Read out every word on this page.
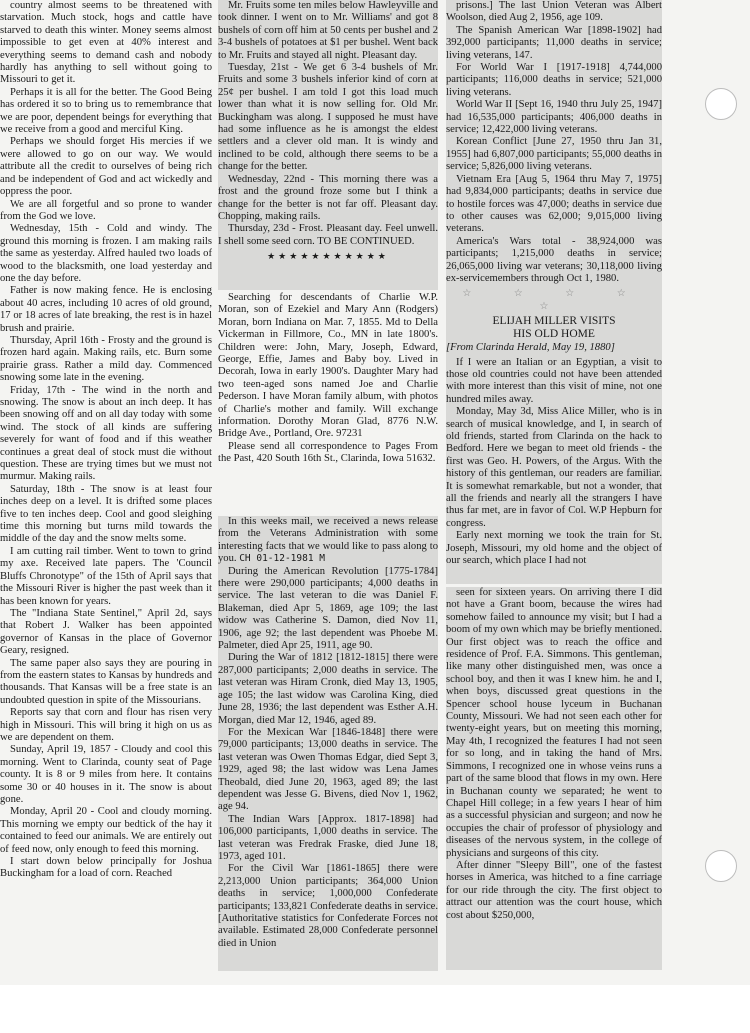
country almost seems to be threatened with starvation. Much stock, hogs and cattle have starved to death this winter. Money seems almost impossible to get even at 40% interest and everything seems to demand cash and nobody hardly has anything to sell without going to Missouri to get it.

Perhaps it is all for the better. The Good Being has ordered it so to bring us to remembrance that we are poor, dependent beings for everything that we receive from a good and merciful King.

Perhaps we should forget His mercies if we were allowed to go on our way. We would attribute all the credit to ourselves of being rich and be independent of God and act wickedly and oppress the poor.

We are all forgetful and so prone to wander from the God we love.

Wednesday, 15th - Cold and windy. The ground this morning is frozen. I am making rails the same as yesterday. Alfred hauled two loads of wood to the blacksmith, one load yesterday and one the day before.

Father is now making fence. He is enclosing about 40 acres, including 10 acres of old ground, 17 or 18 acres of late breaking, the rest is in hazel brush and prairie.

Thursday, April 16th - Frosty and the ground is frozen hard again. Making rails, etc. Burn some prairie grass. Rather a mild day. Commenced snowing some late in the evening.

Friday, 17th - The wind in the north and snowing. The snow is about an inch deep. It has been snowing off and on all day today with some wind. The stock of all kinds are suffering severely for want of food and if this weather continues a great deal of stock must die without question. These are trying times but we must not murmur. Making rails.

Saturday, 18th - The snow is at least four inches deep on a level. It is drifted some places five to ten inches deep. Cool and good sleighing time this morning but turns mild towards the middle of the day and the snow melts some.

I am cutting rail timber. Went to town to grind my axe. Received late papers. The 'Council Bluffs Chronotype" of the 15th of April says that the Missouri River is higher the past week than it has been known for years.

The "Indiana State Sentinel," April 2d, says that Robert J. Walker has been appointed governor of Kansas in the place of Governor Geary, resigned.

The same paper also says they are pouring in from the eastern states to Kansas by hundreds and thousands. That Kansas will be a free state is an undoubted question in spite of the Missourians.

Reports say that corn and flour has risen very high in Missouri. This will bring it high on us as we are dependent on them.

Sunday, April 19, 1857 - Cloudy and cool this morning. Went to Clarinda, county seat of Page county. It is 8 or 9 miles from here. It contains some 30 or 40 houses in it. The snow is about gone.

Monday, April 20 - Cool and cloudy morning. This morning we empty our bedtick of the hay it contained to feed our animals. We are entirely out of feed now, only enough to feed this morning.

I start down below principally for Joshua Buckingham for a load of corn. Reached

Mr. Fruits some ten miles below Hawleyville and took dinner. I went on to Mr. Williams' and got 8 bushels of corn off him at 50 cents per bushel and 2 3-4 bushels of potatoes at $1 per bushel. Went back to Mr. Fruits and stayed all night. Pleasant day.

Tuesday, 21st - We get 6 3-4 bushels of Mr. Fruits and some 3 bushels inferior kind of corn at 25¢ per bushel. I am told I got this load much lower than what it is now selling for. Old Mr. Buckingham was along. I supposed he must have had some influence as he is amongst the eldest settlers and a clever old man. It is windy and inclined to be cold, although there seems to be a change for the better.

Wednesday, 22nd - This morning there was a frost and the ground froze some but I think a change for the better is not far off. Pleasant day. Chopping, making rails.

Thursday, 23d - Frost. Pleasant day. Feel unwell. I shell some seed corn. TO BE CONTINUED.

★★★★★★★★★★★

Searching for descendants of Charlie W.P. Moran, son of Ezekiel and Mary Ann (Rodgers) Moran, born Indiana on Mar. 7, 1855. Md to Della Vickerman in Fillmore, Co., MN in late 1800's. Children were: John, Mary, Joseph, Edward, George, Effie, James and Baby boy. Lived in Decorah, Iowa in early 1900's. Daughter Mary had two teen-aged sons named Joe and Charlie Pederson. I have Moran family album, with photos of Charlie's mother and family. Will exchange information. Dorothy Moran Glad, 8776 N.W. Bridge Ave., Portland, Ore. 97231

Please send all correspondence to Pages From the Past, 420 South 16th St., Clarinda, Iowa 51632.

In this weeks mail, we received a news release from the Veterans Administration with some interesting facts that we would like to pass along to you. CH 01-12-1981 M

During the American Revolution [1775-1784] there were 290,000 participants; 4,000 deaths in service. The last veteran to die was Daniel F. Blakeman, died Apr 5, 1869, age 109; the last widow was Catherine S. Damon, died Nov 11, 1906, age 92; the last dependent was Phoebe M. Palmeter, died Apr 25, 1911, age 90.

During the War of 1812 [1812-1815] there were 287,000 participants; 2,000 deaths in service. The last veteran was Hiram Cronk, died May 13, 1905, age 105; the last widow was Carolina King, died June 28, 1936; the last dependent was Esther A.H. Morgan, died Mar 12, 1946, aged 89.

For the Mexican War [1846-1848] there were 79,000 participants; 13,000 deaths in service. The last veteran was Owen Thomas Edgar, died Sept 3, 1929, aged 98; the last widow was Lena James Theobald, died June 20, 1963, aged 89; the last dependent was Jesse G. Bivens, died Nov 1, 1962, age 94.

The Indian Wars [Approx. 1817-1898] had 106,000 participants, 1,000 deaths in service. The last veteran was Fredrak Fraske, died June 18, 1973, aged 101.

For the Civil War [1861-1865] there were 2,213,000 Union participants; 364,000 Union deaths in service; 1,000,000 Confederate participants; 133,821 Confederate deaths in service. [Authoritative statistics for Confederate Forces not available. Estimated 28,000 Confederate personnel died in Union

prisons.] The last Union Veteran was Albert Woolson, died Aug 2, 1956, age 109.

The Spanish American War [1898-1902] had 392,000 participants; 11,000 deaths in service; living veterans, 147.

For World War I [1917-1918] 4,744,000 participants; 116,000 deaths in service; 521,000 living veterans.

World War II [Sept 16, 1940 thru July 25, 1947] had 16,535,000 participants; 406,000 deaths in service; 12,422,000 living veterans.

Korean Conflict [June 27, 1950 thru Jan 31, 1955] had 6,807,000 participants; 55,000 deaths in service; 5,826,000 living veterans.

Vietnam Era [Aug 5, 1964 thru May 7, 1975] had 9,834,000 participants; deaths in service due to hostile forces was 47,000; deaths in service due to other causes was 62,000; 9,015,000 living veterans.

America's Wars total - 38,924,000 was participants; 1,215,000 deaths in service; 26,065,000 living war veterans; 30,118,000 living ex-servicemembers through Oct 1, 1980.

☆ ☆ ☆ ☆ ☆
ELIJAH MILLER VISITS
HIS OLD HOME
[From Clarinda Herald, May 19, 1880]

If I were an Italian or an Egyptian, a visit to those old countries could not have been attended with more interest than this visit of mine, not one hundred miles away.

Monday, May 3d, Miss Alice Miller, who is in search of musical knowledge, and I, in search of old friends, started from Clarinda on the hack to Bedford. Here we began to meet old friends - the first was Geo. H. Powers, of the Argus. With the history of this gentleman, our readers are familiar. It is somewhat remarkable, but not a wonder, that all the friends and nearly all the strangers I have thus far met, are in favor of Col. W.P Hepburn for congress.

Early next morning we took the train for St. Joseph, Missouri, my old home and the object of our search, which place I had not

seen for sixteen years. On arriving there I did not have a Grant boom, because the wires had somehow failed to announce my visit; but I had a boom of my own which may be briefly mentioned. Our first object was to reach the office and residence of Prof. F.A. Simmons. This gentleman, like many other distinguished men, was once a school boy, and then it was I knew him. he and I, when boys, discussed great questions in the Spencer school house lyceum in Buchanan County, Missouri. We had not seen each other for twenty-eight years, but on meeting this morning, May 4th, I recognized the features I had not seen for so long, and in taking the hand of Mrs. Simmons, I recognized one in whose veins runs a part of the same blood that flows in my own. Here in Buchanan county we separated; he went to Chapel Hill college; in a few years I hear of him as a successful physician and surgeon; and now he occupies the chair of professor of physiology and diseases of the nervous system, in the college of physicians and surgeons of this city.

After dinner "Sleepy Bill", one of the fastest horses in America, was hitched to a fine carriage for our ride through the city. The first object to attract our attention was the court house, which cost about $250,000,
